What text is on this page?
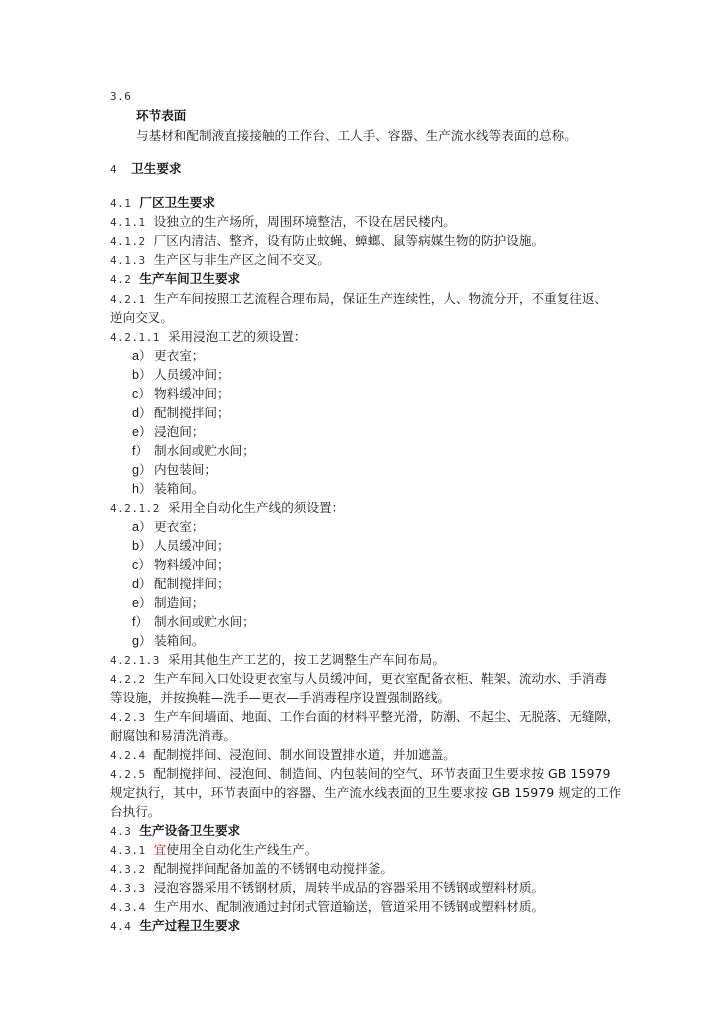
3.6
环节表面
与基材和配制液直接接触的工作台、工人手、容器、生产流水线等表面的总称。
4 卫生要求
4.1 厂区卫生要求
4.1.1 设独立的生产场所，周围环境整洁，不设在居民楼内。
4.1.2 厂区内清洁、整齐，设有防止蚊蝇、蟑螂、鼠等病媒生物的防护设施。
4.1.3 生产区与非生产区之间不交叉。
4.2 生产车间卫生要求
4.2.1 生产车间按照工艺流程合理布局，保证生产连续性，人、物流分开，不重复往返、
逆向交叉。
4.2.1.1 采用浸泡工艺的须设置：
a） 更衣室；
b） 人员缓冲间；
c） 物料缓冲间；
d） 配制搅拌间；
e） 浸泡间；
f） 制水间或贮水间；
g） 内包装间；
h） 装箱间。
4.2.1.2 采用全自动化生产线的须设置：
a） 更衣室；
b） 人员缓冲间；
c） 物料缓冲间；
d） 配制搅拌间；
e） 制造间；
f） 制水间或贮水间；
g） 装箱间。
4.2.1.3 采用其他生产工艺的，按工艺调整生产车间布局。
4.2.2 生产车间入口处设更衣室与人员缓冲间，更衣室配备衣柜、鞋架、流动水、手消毒
等设施，并按换鞋—洗手—更衣—手消毒程序设置强制路线。
4.2.3 生产车间墙面、地面、工作台面的材料平整光滑，防潮、不起尘、无脱落、无缝隙，
耐腐蚀和易清洗消毒。
4.2.4 配制搅拌间、浸泡间、制水间设置排水道，并加遮盖。
4.2.5 配制搅拌间、浸泡间、制造间、内包装间的空气、环节表面卫生要求按 GB 15979
规定执行，其中，环节表面中的容器、生产流水线表面的卫生要求按 GB 15979 规定的工作
台执行。
4.3 生产设备卫生要求
4.3.1 宜使用全自动化生产线生产。
4.3.2 配制搅拌间配备加盖的不锈钢电动搅拌釜。
4.3.3 浸泡容器采用不锈钢材质，周转半成品的容器采用不锈钢或塑料材质。
4.3.4 生产用水、配制液通过封闭式管道输送，管道采用不锈钢或塑料材质。
4.4 生产过程卫生要求
